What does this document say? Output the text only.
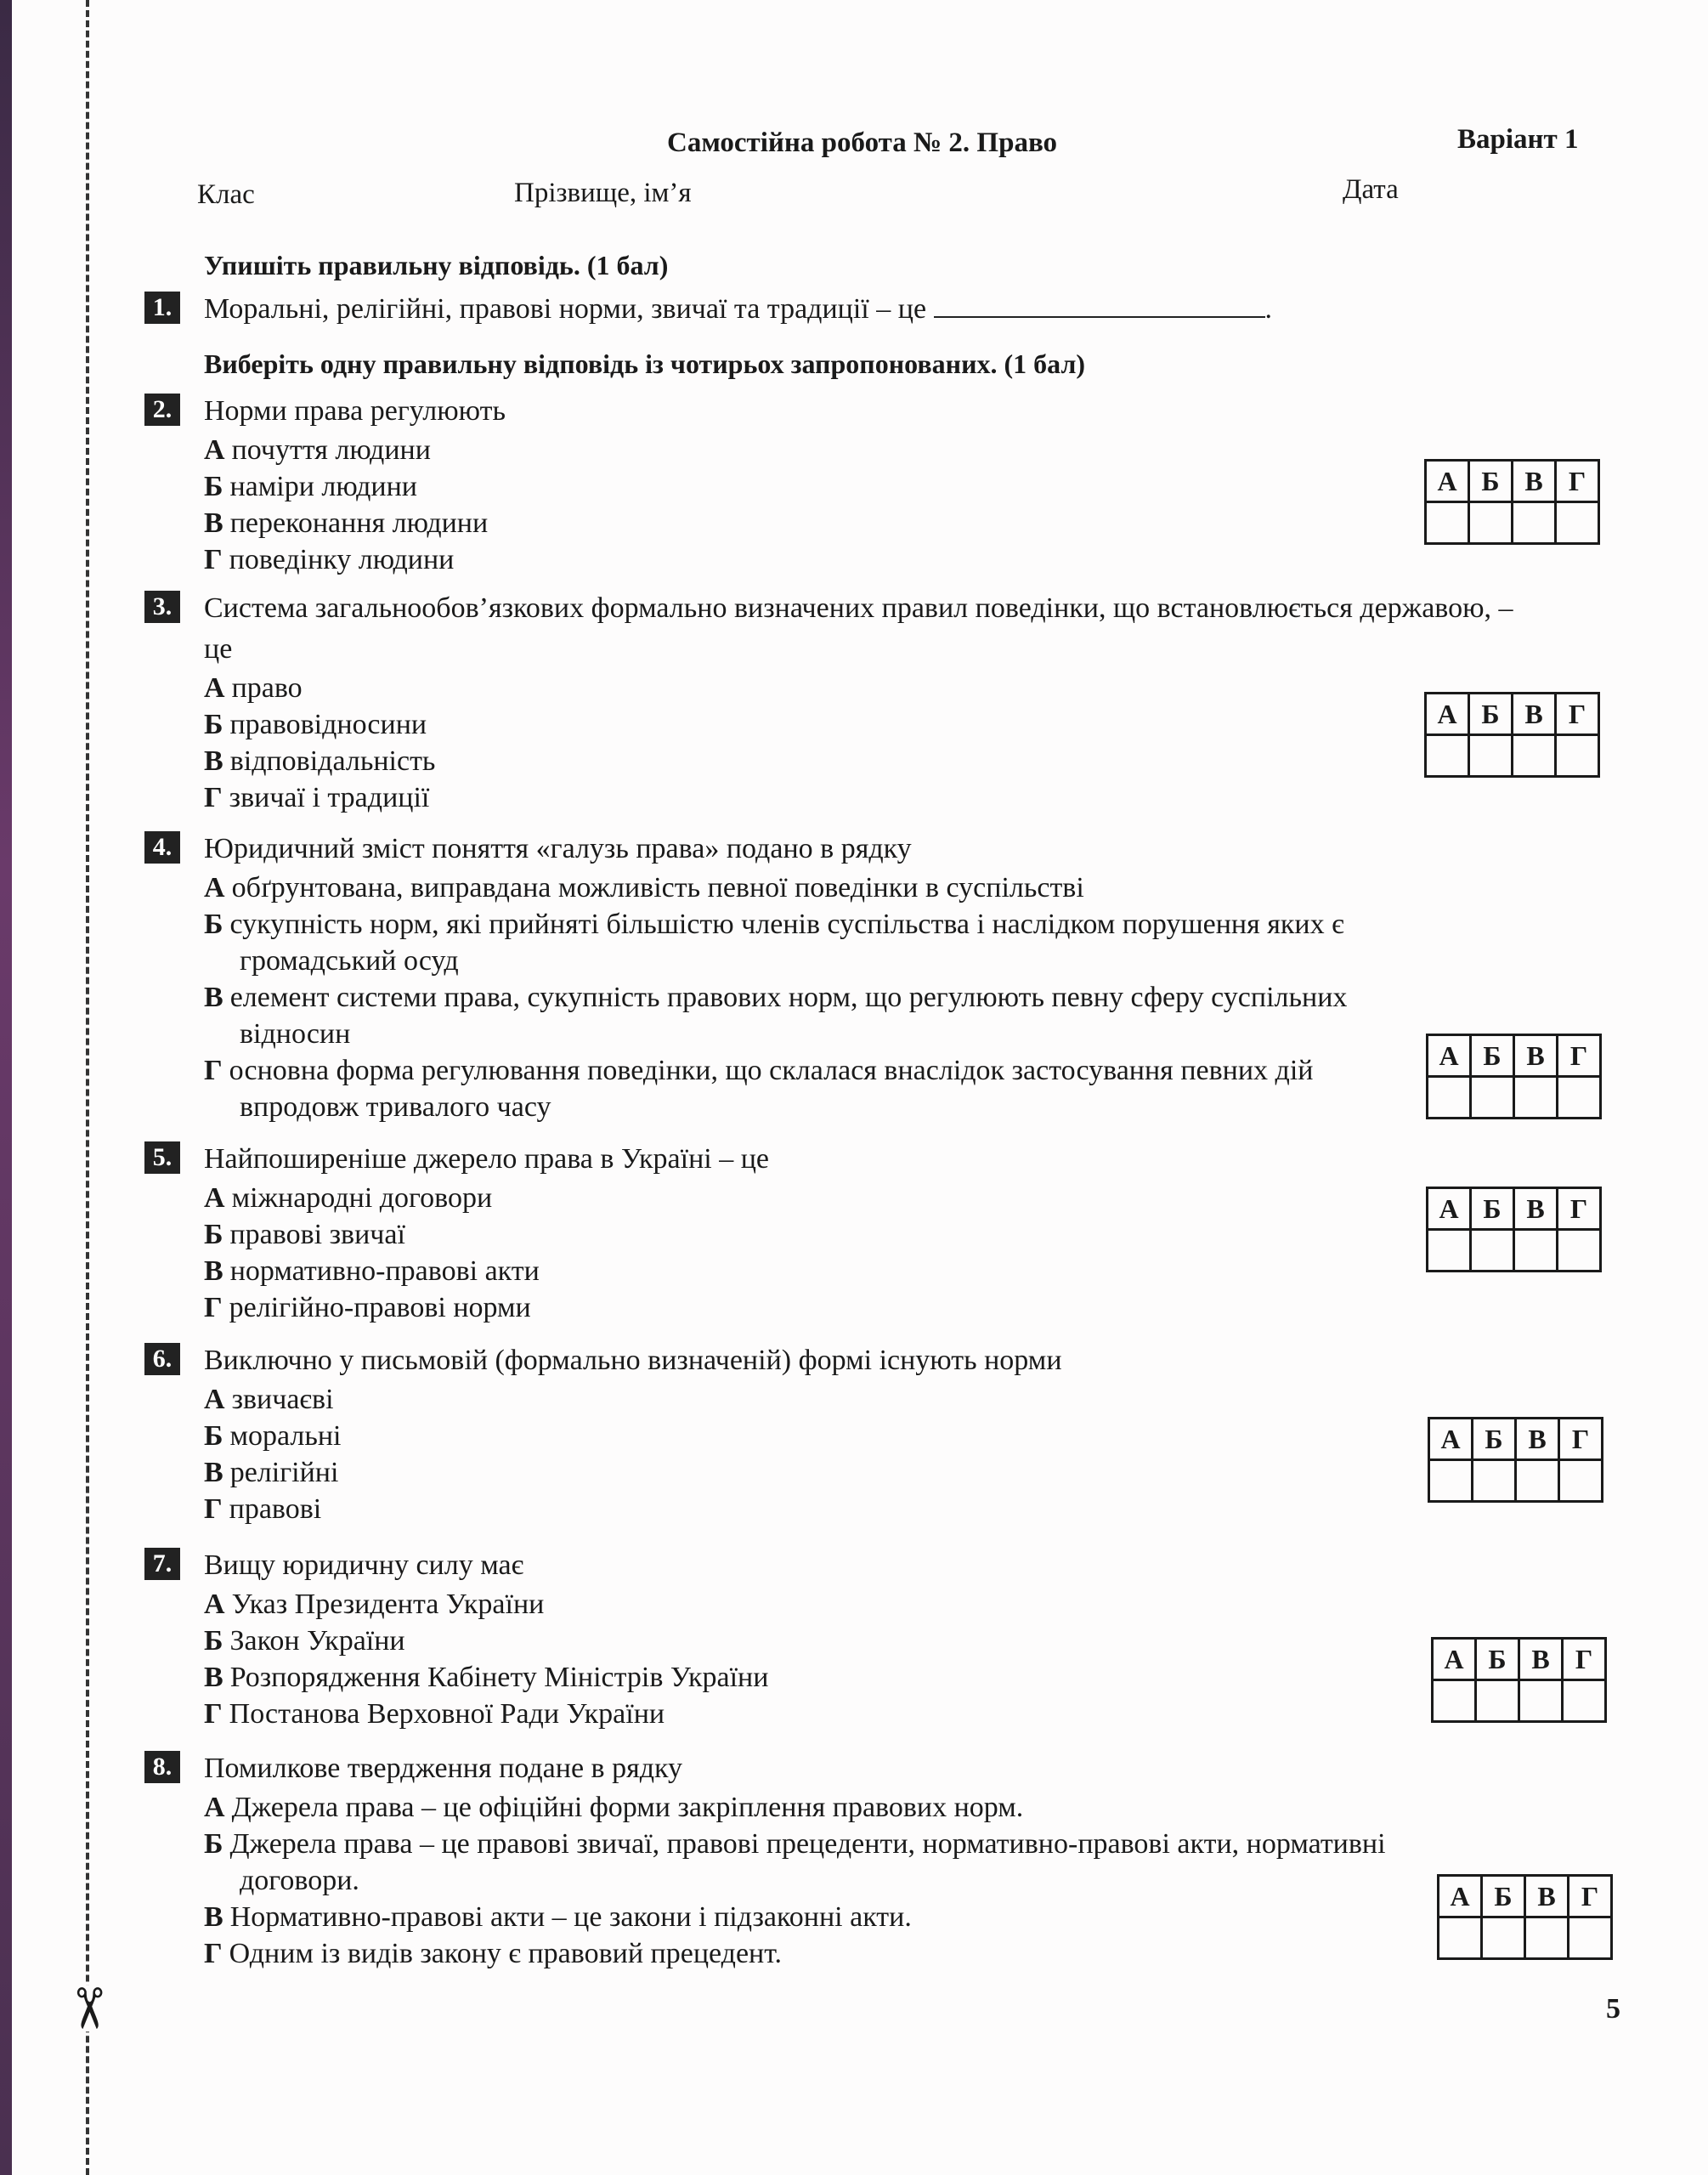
✂
Самостійна робота № 2. Право	Варіант 1
Клас	Прізвище, ім’я	Дата
Упишіть правильну відповідь. (1 бал)
1. Моральні, релігійні, правові норми, звичаї та традиції – це	.
Виберіть одну правильну відповідь із чотирьох запропонованих. (1 бал)
2. Норми права регулюють
А почуття людини
Б наміри людини
В переконання людини
Г поведінку людини
А	Б	В	Г

3. Система загальнообов’язкових формально визначених правил поведінки, що встановлюється державою, – це
А право
Б правовідносини
В відповідальність
Г звичаї і традиції
А	Б	В	Г

4. Юридичний зміст поняття «галузь права» подано в рядку
А обґрунтована, виправдана можливість певної поведінки в суспільстві
Б сукупність норм, які прийняті більшістю членів суспільства і наслідком порушення яких є громадський осуд
В елемент системи права, сукупність правових норм, що регулюють певну сферу суспільних відносин
Г основна форма регулювання поведінки, що склалася внаслідок застосування певних дій впродовж тривалого часу
А	Б	В	Г

5. Найпоширеніше джерело права в Україні – це
А міжнародні договори
Б правові звичаї
В нормативно-правові акти
Г релігійно-правові норми
А	Б	В	Г

6. Виключно у письмовій (формально визначеній) формі існують норми
А звичаєві
Б моральні
В релігійні
Г правові
А	Б	В	Г

7. Вищу юридичну силу має
А Указ Президента України
Б Закон України
В Розпорядження Кабінету Міністрів України
Г Постанова Верховної Ради України
А	Б	В	Г

8. Помилкове твердження подане в рядку
А Джерела права – це офіційні форми закріплення правових норм.
Б Джерела права – це правові звичаї, правові прецеденти, нормативно-правові акти, нормативні договори.
В Нормативно-правові акти – це закони і підзаконні акти.
Г Одним із видів закону є правовий прецедент.
А	Б	В	Г

5
